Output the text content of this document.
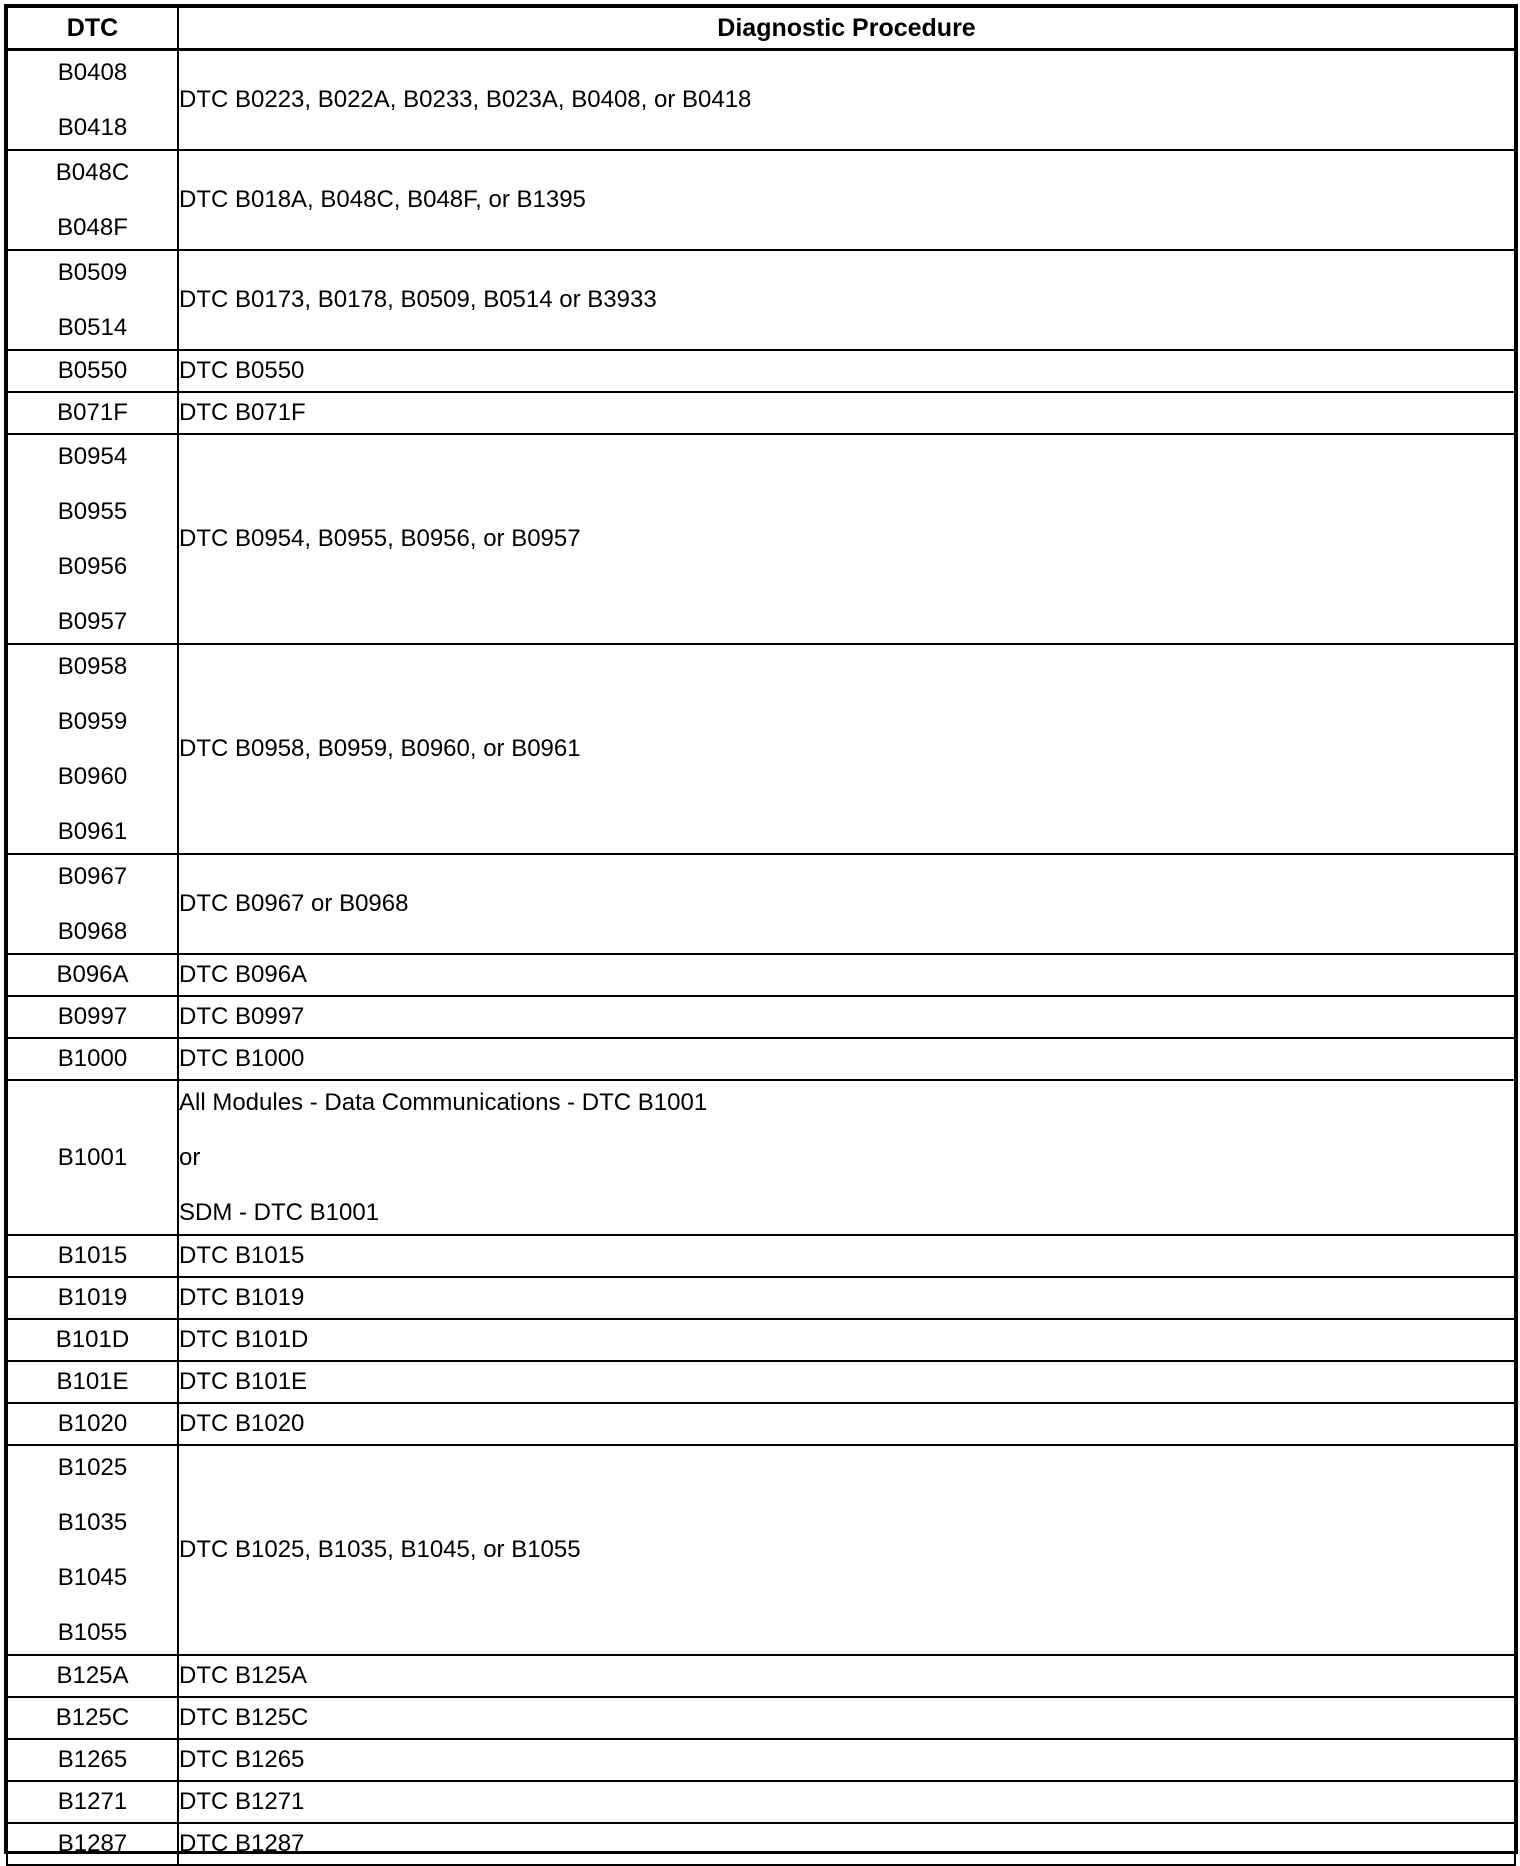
DTC	Diagnostic Procedure

B0408
B0418	DTC B0223, B022A, B0233, B023A, B0408, or B0418

B048C
B048F	DTC B018A, B048C, B048F, or B1395

B0509
B0514	DTC B0173, B0178, B0509, B0514 or B3933

B0550	DTC B0550

B071F	DTC B071F

B0954
B0955
B0956
B0957	DTC B0954, B0955, B0956, or B0957

B0958
B0959
B0960
B0961	DTC B0958, B0959, B0960, or B0961

B0967
B0968	DTC B0967 or B0968

B096A	DTC B096A

B0997	DTC B0997

B1000	DTC B1000

B1001	All Modules - Data Communications - DTC B1001
or
SDM - DTC B1001

B1015	DTC B1015

B1019	DTC B1019

B101D	DTC B101D

B101E	DTC B101E

B1020	DTC B1020

B1025
B1035
B1045
B1055	DTC B1025, B1035, B1045, or B1055

B125A	DTC B125A

B125C	DTC B125C

B1265	DTC B1265

B1271	DTC B1271

B1287	DTC B1287
